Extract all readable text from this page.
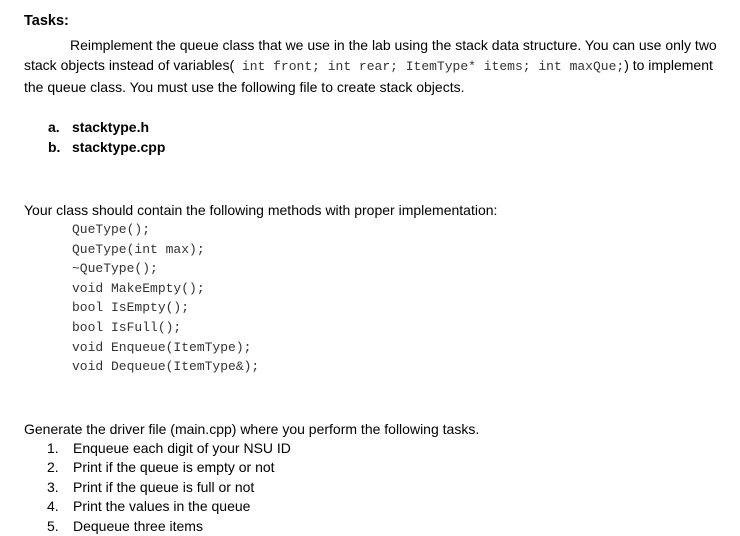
Tasks:
Reimplement the queue class that we use in the lab using the stack data structure. You can use only two stack objects instead of variables( int front; int rear; ItemType* items; int maxQue;) to implement the queue class. You must use the following file to create stack objects.
a. stacktype.h
b. stacktype.cpp
Your class should contain the following methods with proper implementation:
QueType();
QueType(int max);
~QueType();
void MakeEmpty();
bool IsEmpty();
bool IsFull();
void Enqueue(ItemType);
void Dequeue(ItemType&);
Generate the driver file (main.cpp) where you perform the following tasks.
1.	Enqueue each digit of your NSU ID
2.	Print if the queue is empty or not
3.	Print if the queue is full or not
4.	Print the values in the queue
5.	Dequeue three items
